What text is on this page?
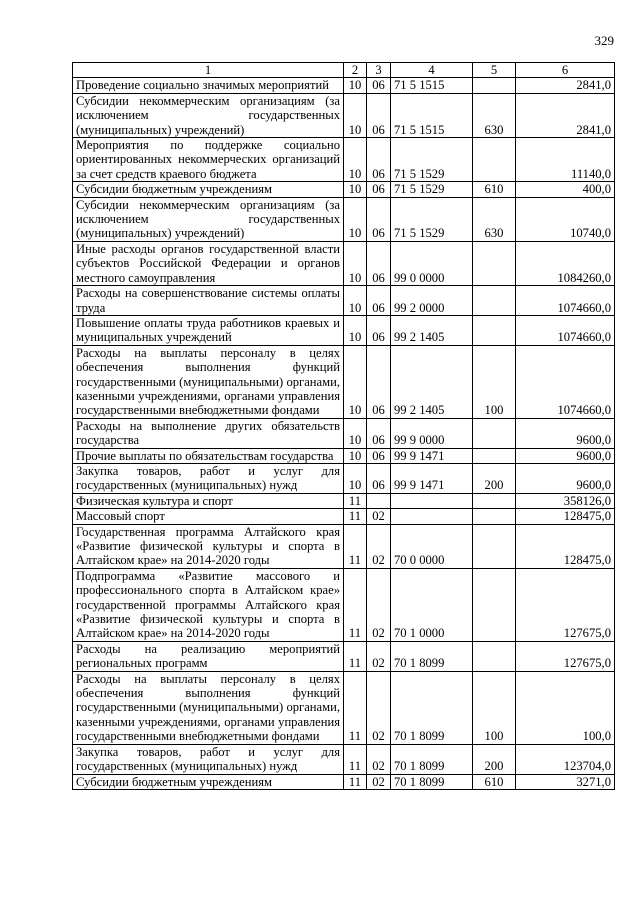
329
1	2	3	4	5	6
Проведение социально значимых мероприятий	10	06	71 5 1515		2841,0
Субсидии некоммерческим организациям (за исключением государственных (муниципальных) учреждений)	10	06	71 5 1515	630	2841,0
Мероприятия по поддержке социально ориентированных некоммерческих организаций за счет средств краевого бюджета	10	06	71 5 1529		11140,0
Субсидии бюджетным учреждениям	10	06	71 5 1529	610	400,0
Субсидии некоммерческим организациям (за исключением государственных (муниципальных) учреждений)	10	06	71 5 1529	630	10740,0
Иные расходы органов государственной власти субъектов Российской Федерации и органов местного самоуправления	10	06	99 0 0000		1084260,0
Расходы на совершенствование системы оплаты труда	10	06	99 2 0000		1074660,0
Повышение оплаты труда работников краевых и муниципальных учреждений	10	06	99 2 1405		1074660,0
Расходы на выплаты персоналу в целях обеспечения выполнения функций государственными (муниципальными) органами, казенными учреждениями, органами управления государственными внебюджетными фондами	10	06	99 2 1405	100	1074660,0
Расходы на выполнение других обязательств государства	10	06	99 9 0000		9600,0
Прочие выплаты по обязательствам государства	10	06	99 9 1471		9600,0
Закупка товаров, работ и услуг для государственных (муниципальных) нужд	10	06	99 9 1471	200	9600,0
Физическая культура и спорт	11				358126,0
Массовый спорт	11	02			128475,0
Государственная программа Алтайского края «Развитие физической культуры и спорта в Алтайском крае» на 2014-2020 годы	11	02	70 0 0000		128475,0
Подпрограмма «Развитие массового и профессионального спорта в Алтайском крае» государственной программы Алтайского края «Развитие физической культуры и спорта в Алтайском крае» на 2014-2020 годы	11	02	70 1 0000		127675,0
Расходы на реализацию мероприятий региональных программ	11	02	70 1 8099		127675,0
Расходы на выплаты персоналу в целях обеспечения выполнения функций государственными (муниципальными) органами, казенными учреждениями, органами управления государственными внебюджетными фондами	11	02	70 1 8099	100	100,0
Закупка товаров, работ и услуг для государственных (муниципальных) нужд	11	02	70 1 8099	200	123704,0
Субсидии бюджетным учреждениям	11	02	70 1 8099	610	3271,0
